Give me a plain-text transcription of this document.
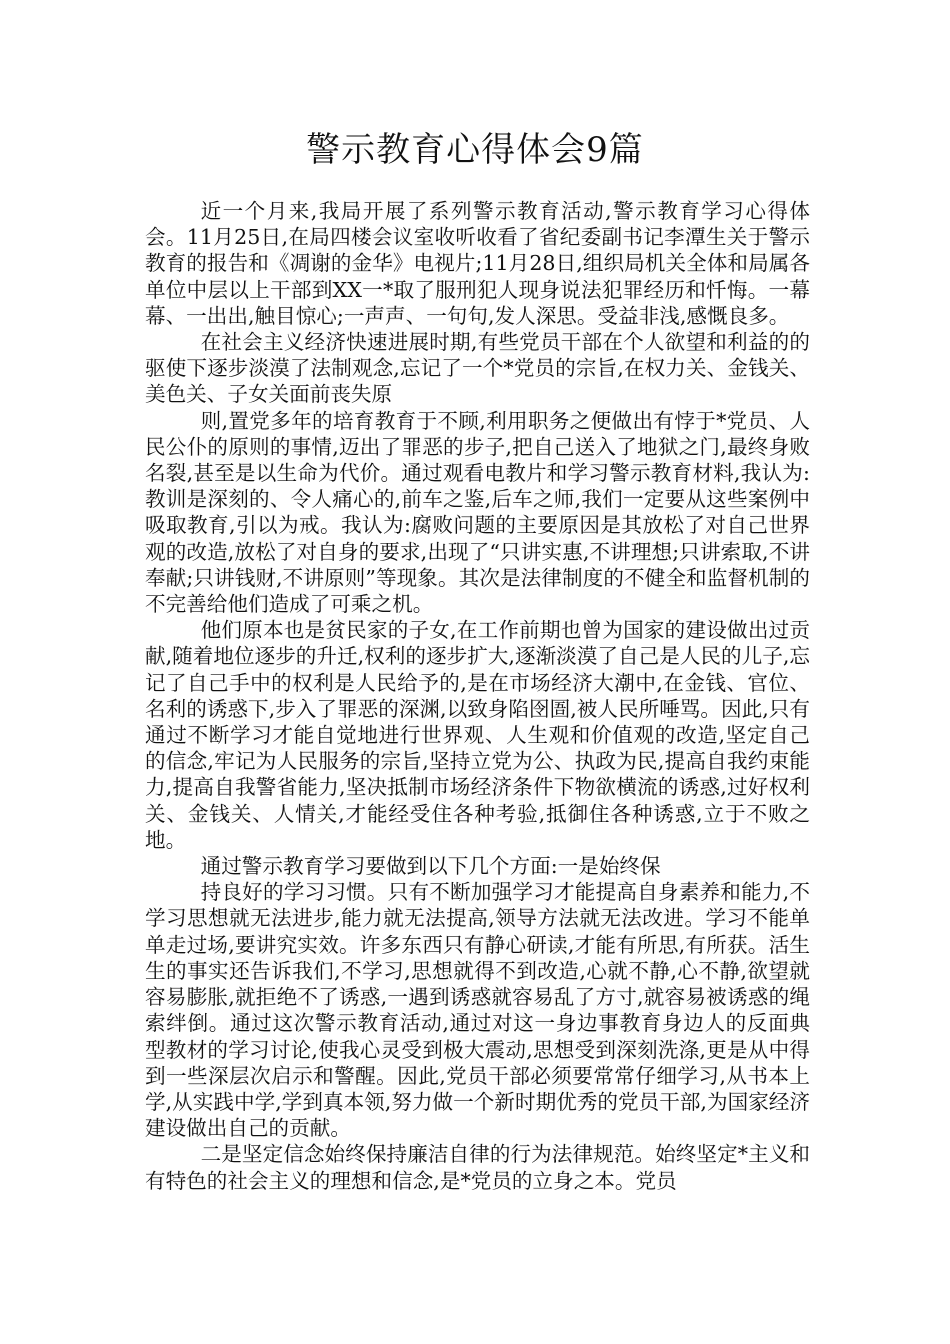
警示教育心得体会9篇

近一个月来,我局开展了系列警示教育活动,警示教育学习心得体会。11月25日,在局四楼会议室收听收看了省纪委副书记李潭生关于警示教育的报告和《凋谢的金华》电视片;11月28日,组织局机关全体和局属各单位中层以上干部到XX一*取了服刑犯人现身说法犯罪经历和忏悔。一幕幕、一出出,触目惊心;一声声、一句句,发人深思。受益非浅,感慨良多。

在社会主义经济快速进展时期,有些党员干部在个人欲望和利益的的驱使下逐步淡漠了法制观念,忘记了一个*党员的宗旨,在权力关、金钱关、美色关、子女关面前丧失原

则,置党多年的培育教育于不顾,利用职务之便做出有悖于*党员、人民公仆的原则的事情,迈出了罪恶的步子,把自己送入了地狱之门,最终身败名裂,甚至是以生命为代价。通过观看电教片和学习警示教育材料,我认为:教训是深刻的、令人痛心的,前车之鉴,后车之师,我们一定要从这些案例中吸取教育,引以为戒。我认为:腐败问题的主要原因是其放松了对自己世界观的改造,放松了对自身的要求,出现了“只讲实惠,不讲理想;只讲索取,不讲奉献;只讲钱财,不讲原则”等现象。其次是法律制度的不健全和监督机制的不完善给他们造成了可乘之机。

他们原本也是贫民家的子女,在工作前期也曾为国家的建设做出过贡献,随着地位逐步的升迁,权利的逐步扩大,逐渐淡漠了自己是人民的儿子,忘记了自己手中的权利是人民给予的,是在市场经济大潮中,在金钱、官位、名利的诱惑下,步入了罪恶的深渊,以致身陷囹圄,被人民所唾骂。因此,只有通过不断学习才能自觉地进行世界观、人生观和价值观的改造,坚定自己的信念,牢记为人民服务的宗旨,坚持立党为公、执政为民,提高自我约束能力,提高自我警省能力,坚决抵制市场经济条件下物欲横流的诱惑,过好权利关、金钱关、人情关,才能经受住各种考验,抵御住各种诱惑,立于不败之地。

通过警示教育学习要做到以下几个方面:一是始终保

持良好的学习习惯。只有不断加强学习才能提高自身素养和能力,不学习思想就无法进步,能力就无法提高,领导方法就无法改进。学习不能单单走过场,要讲究实效。许多东西只有静心研读,才能有所思,有所获。活生生的事实还告诉我们,不学习,思想就得不到改造,心就不静,心不静,欲望就容易膨胀,就拒绝不了诱惑,一遇到诱惑就容易乱了方寸,就容易被诱惑的绳索绊倒。通过这次警示教育活动,通过对这一身边事教育身边人的反面典型教材的学习讨论,使我心灵受到极大震动,思想受到深刻洗涤,更是从中得到一些深层次启示和警醒。因此,党员干部必须要常常仔细学习,从书本上学,从实践中学,学到真本领,努力做一个新时期优秀的党员干部,为国家经济建设做出自己的贡献。

二是坚定信念始终保持廉洁自律的行为法律规范。始终坚定*主义和有特色的社会主义的理想和信念,是*党员的立身之本。党员
